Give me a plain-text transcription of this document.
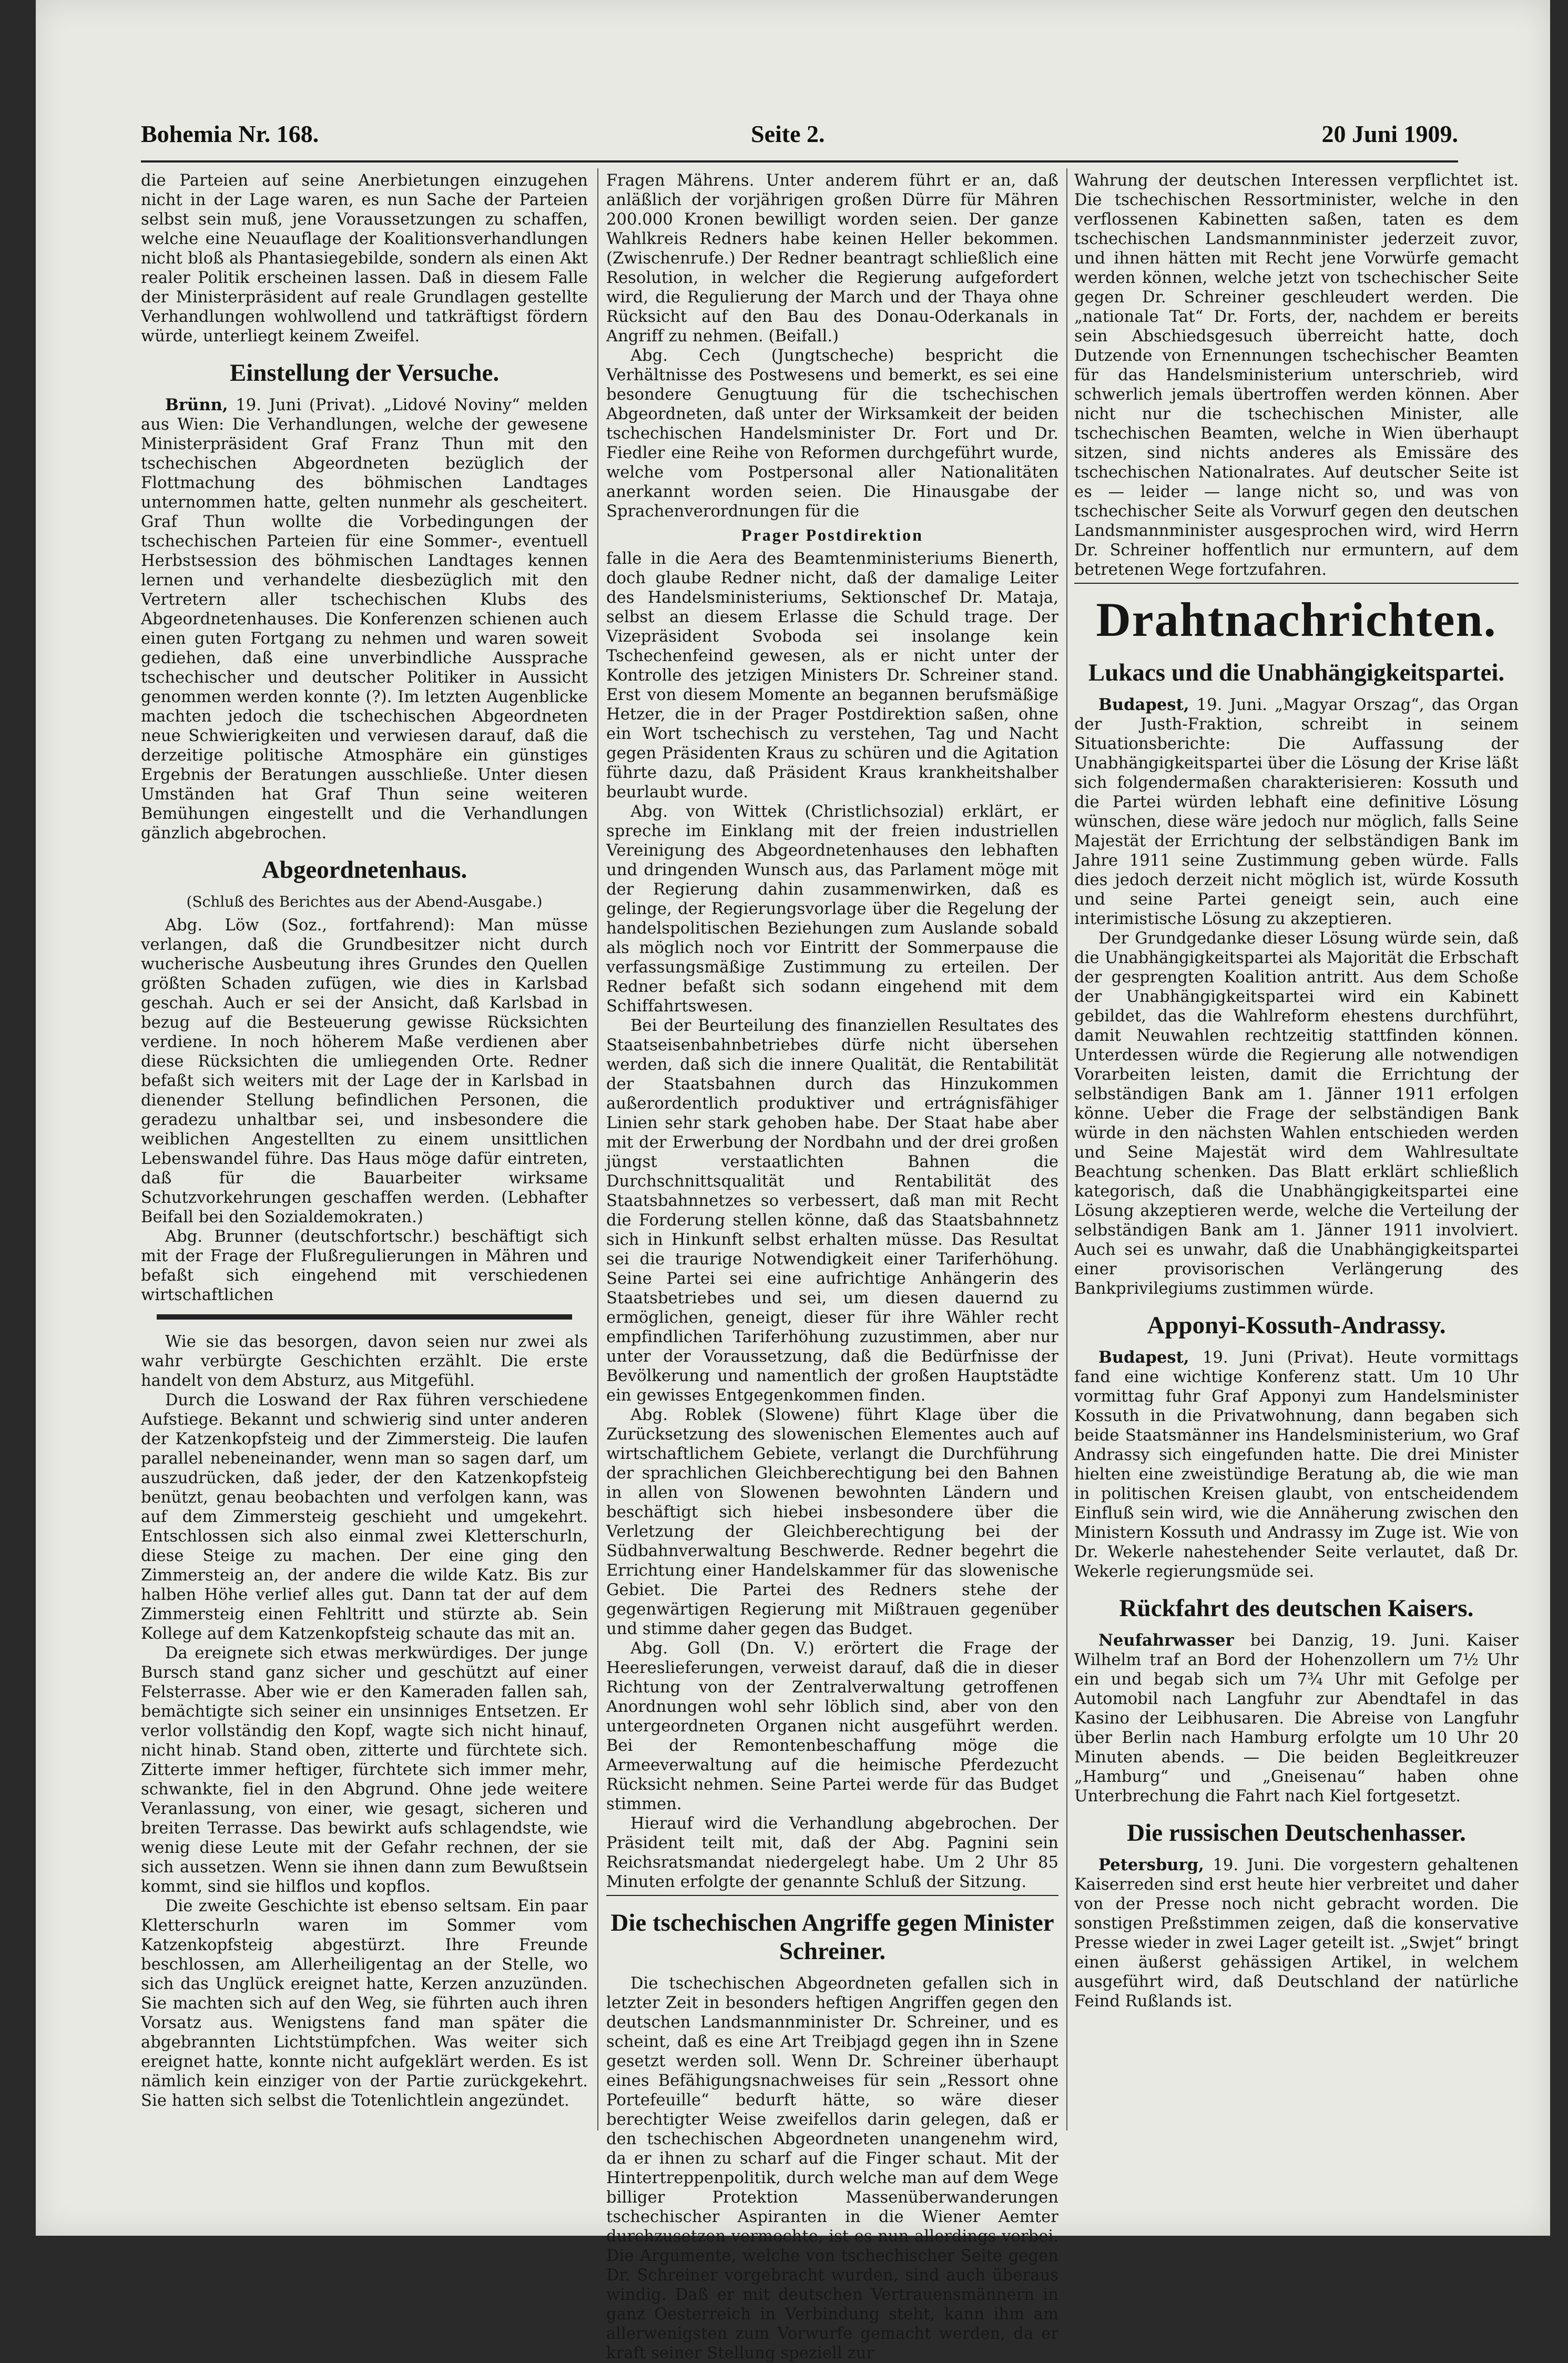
Bohemia Nr. 168.	Seite 2.	20 Juni 1909.

die Parteien auf seine Anerbietungen einzugehen nicht in der Lage waren, es nun Sache der Parteien selbst sein muß, jene Voraussetzungen zu schaffen, welche eine Neuauflage der Koalitionsverhandlungen nicht bloß als Phantasiegebilde, sondern als einen Akt realer Politik erscheinen lassen. Daß in diesem Falle der Ministerpräsident auf reale Grundlagen gestellte Verhandlungen wohlwollend und tatkräftigst fördern würde, unterliegt keinem Zweifel.

Einstellung der Versuche.

Brünn, 19. Juni (Privat). „Lidové Noviny“ melden aus Wien: Die Verhandlungen, welche der gewesene Ministerpräsident Graf Franz Thun mit den tschechischen Abgeordneten bezüglich der Flottmachung des böhmischen Landtages unternommen hatte, gelten nunmehr als gescheitert. Graf Thun wollte die Vorbedingungen der tschechischen Parteien für eine Sommer-, eventuell Herbstsession des böhmischen Landtages kennen lernen und verhandelte diesbezüglich mit den Vertretern aller tschechischen Klubs des Abgeordnetenhauses. Die Konferenzen schienen auch einen guten Fortgang zu nehmen und waren soweit gediehen, daß eine unverbindliche Aussprache tschechischer und deutscher Politiker in Aussicht genommen werden konnte (?). Im letzten Augenblicke machten jedoch die tschechischen Abgeordneten neue Schwierigkeiten und verwiesen darauf, daß die derzeitige politische Atmosphäre ein günstiges Ergebnis der Beratungen ausschließe. Unter diesen Umständen hat Graf Thun seine weiteren Bemühungen eingestellt und die Verhandlungen gänzlich abgebrochen.

Abgeordnetenhaus.
(Schluß des Berichtes aus der Abend-Ausgabe.)

Abg. Löw (Soz., fortfahrend): Man müsse verlangen, daß die Grundbesitzer nicht durch wucherische Ausbeutung ihres Grundes den Quellen größten Schaden zufügen, wie dies in Karlsbad geschah. Auch er sei der Ansicht, daß Karlsbad in bezug auf die Besteuerung gewisse Rücksichten verdiene. In noch höherem Maße verdienen aber diese Rücksichten die umliegenden Orte. Redner befaßt sich weiters mit der Lage der in Karlsbad in dienender Stellung befindlichen Personen, die geradezu unhaltbar sei, und insbesondere die weiblichen Angestellten zu einem unsittlichen Lebenswandel führe. Das Haus möge dafür eintreten, daß für die Bauarbeiter wirksame Schutzvorkehrungen geschaffen werden. (Lebhafter Beifall bei den Sozialdemokraten.)

Abg. Brunner (deutschfortschr.) beschäftigt sich mit der Frage der Flußregulierungen in Mähren und befaßt sich eingehend mit verschiedenen wirtschaftlichen

Wie sie das besorgen, davon seien nur zwei als wahr verbürgte Geschichten erzählt. Die erste handelt von dem Absturz, aus Mitgefühl.

Durch die Loswand der Rax führen verschiedene Aufstiege. Bekannt und schwierig sind unter anderen der Katzenkopfsteig und der Zimmersteig. Die laufen parallel nebeneinander, wenn man so sagen darf, um auszudrücken, daß jeder, der den Katzenkopfsteig benützt, genau beobachten und verfolgen kann, was auf dem Zimmersteig geschieht und umgekehrt. Entschlossen sich also einmal zwei Kletterschurln, diese Steige zu machen. Der eine ging den Zimmersteig an, der andere die wilde Katz. Bis zur halben Höhe verlief alles gut. Dann tat der auf dem Zimmersteig einen Fehltritt und stürzte ab. Sein Kollege auf dem Katzenkopfsteig schaute das mit an.

Da ereignete sich etwas merkwürdiges. Der junge Bursch stand ganz sicher und geschützt auf einer Felsterrasse. Aber wie er den Kameraden fallen sah, bemächtigte sich seiner ein unsinniges Entsetzen. Er verlor vollständig den Kopf, wagte sich nicht hinauf, nicht hinab. Stand oben, zitterte und fürchtete sich. Zitterte immer heftiger, fürchtete sich immer mehr, schwankte, fiel in den Abgrund. Ohne jede weitere Veranlassung, von einer, wie gesagt, sicheren und breiten Terrasse. Das bewirkt aufs schlagendste, wie wenig diese Leute mit der Gefahr rechnen, der sie sich aussetzen. Wenn sie ihnen dann zum Bewußtsein kommt, sind sie hilflos und kopflos.

Die zweite Geschichte ist ebenso seltsam. Ein paar Kletterschurln waren im Sommer vom Katzenkopfsteig abgestürzt. Ihre Freunde beschlossen, am Allerheiligentag an der Stelle, wo sich das Unglück ereignet hatte, Kerzen anzuzünden. Sie machten sich auf den Weg, sie führten auch ihren Vorsatz aus. Wenigstens fand man später die abgebrannten Lichtstümpfchen. Was weiter sich ereignet hatte, konnte nicht aufgeklärt werden. Es ist nämlich kein einziger von der Partie zurückgekehrt. Sie hatten sich selbst die Totenlichtlein angezündet.

Fragen Mährens. Unter anderem führt er an, daß anläßlich der vorjährigen großen Dürre für Mähren 200.000 Kronen bewilligt worden seien. Der ganze Wahlkreis Redners habe keinen Heller bekommen. (Zwischenrufe.) Der Redner beantragt schließlich eine Resolution, in welcher die Regierung aufgefordert wird, die Regulierung der March und der Thaya ohne Rücksicht auf den Bau des Donau-Oderkanals in Angriff zu nehmen. (Beifall.)

Abg. Cech (Jungtscheche) bespricht die Verhältnisse des Postwesens und bemerkt, es sei eine besondere Genugtuung für die tschechischen Abgeordneten, daß unter der Wirksamkeit der beiden tschechischen Handelsminister Dr. Fort und Dr. Fiedler eine Reihe von Reformen durchgeführt wurde, welche vom Postpersonal aller Nationalitäten anerkannt worden seien. Die Hinausgabe der Sprachenverordnungen für die

Prager Postdirektion

falle in die Aera des Beamtenministeriums Bienerth, doch glaube Redner nicht, daß der damalige Leiter des Handelsministeriums, Sektionschef Dr. Mataja, selbst an diesem Erlasse die Schuld trage. Der Vizepräsident Svoboda sei insolange kein Tschechenfeind gewesen, als er nicht unter der Kontrolle des jetzigen Ministers Dr. Schreiner stand. Erst von diesem Momente an begannen berufsmäßige Hetzer, die in der Prager Postdirektion saßen, ohne ein Wort tschechisch zu verstehen, Tag und Nacht gegen Präsidenten Kraus zu schüren und die Agitation führte dazu, daß Präsident Kraus krankheitshalber beurlaubt wurde.

Abg. von Wittek (Christlichsozial) erklärt, er spreche im Einklang mit der freien industriellen Vereinigung des Abgeordnetenhauses den lebhaften und dringenden Wunsch aus, das Parlament möge mit der Regierung dahin zusammenwirken, daß es gelinge, der Regierungsvorlage über die Regelung der handelspolitischen Beziehungen zum Auslande sobald als möglich noch vor Eintritt der Sommerpause die verfassungsmäßige Zustimmung zu erteilen. Der Redner befaßt sich sodann eingehend mit dem Schiffahrtswesen.

Bei der Beurteilung des finanziellen Resultates des Staatseisenbahnbetriebes dürfe nicht übersehen werden, daß sich die innere Qualität, die Rentabilität der Staatsbahnen durch das Hinzukommen außerordentlich produktiver und ertrágnisfähiger Linien sehr stark gehoben habe. Der Staat habe aber mit der Erwerbung der Nordbahn und der drei großen jüngst verstaatlichten Bahnen die Durchschnittsqualität und Rentabilität des Staatsbahnnetzes so verbessert, daß man mit Recht die Forderung stellen könne, daß das Staatsbahnnetz sich in Hinkunft selbst erhalten müsse. Das Resultat sei die traurige Notwendigkeit einer Tariferhöhung. Seine Partei sei eine aufrichtige Anhängerin des Staatsbetriebes und sei, um diesen dauernd zu ermöglichen, geneigt, dieser für ihre Wähler recht empfindlichen Tariferhöhung zuzustimmen, aber nur unter der Voraussetzung, daß die Bedürfnisse der Bevölkerung und namentlich der großen Hauptstädte ein gewisses Entgegenkommen finden.

Abg. Roblek (Slowene) führt Klage über die Zurücksetzung des slowenischen Elementes auch auf wirtschaftlichem Gebiete, verlangt die Durchführung der sprachlichen Gleichberechtigung bei den Bahnen in allen von Slowenen bewohnten Ländern und beschäftigt sich hiebei insbesondere über die Verletzung der Gleichberechtigung bei der Südbahnverwaltung Beschwerde. Redner begehrt die Errichtung einer Handelskammer für das slowenische Gebiet. Die Partei des Redners stehe der gegenwärtigen Regierung mit Mißtrauen gegenüber und stimme daher gegen das Budget.

Abg. Goll (Dn. V.) erörtert die Frage der Heereslieferungen, verweist darauf, daß die in dieser Richtung von der Zentralverwaltung getroffenen Anordnungen wohl sehr löblich sind, aber von den untergeordneten Organen nicht ausgeführt werden. Bei der Remontenbeschaffung möge die Armeeverwaltung auf die heimische Pferdezucht Rücksicht nehmen. Seine Partei werde für das Budget stimmen.

Hierauf wird die Verhandlung abgebrochen. Der Präsident teilt mit, daß der Abg. Pagnini sein Reichsratsmandat niedergelegt habe. Um 2 Uhr 85 Minuten erfolgte der genannte Schluß der Sitzung.

Die tschechischen Angriffe gegen Minister Schreiner.

Die tschechischen Abgeordneten gefallen sich in letzter Zeit in besonders heftigen Angriffen gegen den deutschen Landsmannminister Dr. Schreiner, und es scheint, daß es eine Art Treibjagd gegen ihn in Szene gesetzt werden soll. Wenn Dr. Schreiner überhaupt eines Befähigungsnachweises für sein „Ressort ohne Portefeuille“ bedurft hätte, so wäre dieser berechtigter Weise zweifellos darin gelegen, daß er den tschechischen Abgeordneten unangenehm wird, da er ihnen zu scharf auf die Finger schaut. Mit der Hintertreppenpolitik, durch welche man auf dem Wege billiger Protektion Massenüberwanderungen tschechischer Aspiranten in die Wiener Aemter durchzusetzen vermochte, ist es nun allerdings vorbei. Die Argumente, welche von tschechischer Seite gegen Dr. Schreiner vorgebracht wurden, sind auch überaus windig. Daß er mit deutschen Vertrauensmännern in ganz Oesterreich in Verbindung steht, kann ihm am allerwenigsten zum Vorwurfe gemacht werden, da er kraft seiner Stellung speziell zur

Wahrung der deutschen Interessen verpflichtet ist. Die tschechischen Ressortminister, welche in den verflossenen Kabinetten saßen, taten es dem tschechischen Landsmannminister jederzeit zuvor, und ihnen hätten mit Recht jene Vorwürfe gemacht werden können, welche jetzt von tschechischer Seite gegen Dr. Schreiner geschleudert werden. Die „nationale Tat“ Dr. Forts, der, nachdem er bereits sein Abschiedsgesuch überreicht hatte, doch Dutzende von Ernennungen tschechischer Beamten für das Handelsministerium unterschrieb, wird schwerlich jemals übertroffen werden können. Aber nicht nur die tschechischen Minister, alle tschechischen Beamten, welche in Wien überhaupt sitzen, sind nichts anderes als Emissäre des tschechischen Nationalrates. Auf deutscher Seite ist es — leider — lange nicht so, und was von tschechischer Seite als Vorwurf gegen den deutschen Landsmannminister ausgesprochen wird, wird Herrn Dr. Schreiner hoffentlich nur ermuntern, auf dem betretenen Wege fortzufahren.

Drahtnachrichten.
Lukacs und die Unabhängigkeitspartei.

Budapest, 19. Juni. „Magyar Orszag“, das Organ der Justh-Fraktion, schreibt in seinem Situationsberichte: Die Auffassung der Unabhängigkeitspartei über die Lösung der Krise läßt sich folgendermaßen charakterisieren: Kossuth und die Partei würden lebhaft eine definitive Lösung wünschen, diese wäre jedoch nur möglich, falls Seine Majestät der Errichtung der selbständigen Bank im Jahre 1911 seine Zustimmung geben würde. Falls dies jedoch derzeit nicht möglich ist, würde Kossuth und seine Partei geneigt sein, auch eine interimistische Lösung zu akzeptieren.

Der Grundgedanke dieser Lösung würde sein, daß die Unabhängigkeitspartei als Majorität die Erbschaft der gesprengten Koalition antritt. Aus dem Schoße der Unabhängigkeitspartei wird ein Kabinett gebildet, das die Wahlreform ehestens durchführt, damit Neuwahlen rechtzeitig stattfinden können. Unterdessen würde die Regierung alle notwendigen Vorarbeiten leisten, damit die Errichtung der selbständigen Bank am 1. Jänner 1911 erfolgen könne. Ueber die Frage der selbständigen Bank würde in den nächsten Wahlen entschieden werden und Seine Majestät wird dem Wahlresultate Beachtung schenken. Das Blatt erklärt schließlich kategorisch, daß die Unabhängigkeitspartei eine Lösung akzeptieren werde, welche die Verteilung der selbständigen Bank am 1. Jänner 1911 involviert. Auch sei es unwahr, daß die Unabhängigkeitspartei einer provisorischen Verlängerung des Bankprivilegiums zustimmen würde.

Apponyi-Kossuth-Andrassy.

Budapest, 19. Juni (Privat). Heute vormittags fand eine wichtige Konferenz statt. Um 10 Uhr vormittag fuhr Graf Apponyi zum Handelsminister Kossuth in die Privatwohnung, dann begaben sich beide Staatsmänner ins Handelsministerium, wo Graf Andrassy sich eingefunden hatte. Die drei Minister hielten eine zweistündige Beratung ab, die wie man in politischen Kreisen glaubt, von entscheidendem Einfluß sein wird, wie die Annäherung zwischen den Ministern Kossuth und Andrassy im Zuge ist. Wie von Dr. Wekerle nahestehender Seite verlautet, daß Dr. Wekerle regierungsmüde sei.

Rückfahrt des deutschen Kaisers.

Neufahrwasser bei Danzig, 19. Juni. Kaiser Wilhelm traf an Bord der Hohenzollern um 7½ Uhr ein und begab sich um 7¾ Uhr mit Gefolge per Automobil nach Langfuhr zur Abendtafel in das Kasino der Leibhusaren. Die Abreise von Langfuhr über Berlin nach Hamburg erfolgte um 10 Uhr 20 Minuten abends. — Die beiden Begleitkreuzer „Hamburg“ und „Gneisenau“ haben ohne Unterbrechung die Fahrt nach Kiel fortgesetzt.

Die russischen Deutschenhasser.

Petersburg, 19. Juni. Die vorgestern gehaltenen Kaiserreden sind erst heute hier verbreitet und daher von der Presse noch nicht gebracht worden. Die sonstigen Preßstimmen zeigen, daß die konservative Presse wieder in zwei Lager geteilt ist. „Swjet“ bringt einen äußerst gehässigen Artikel, in welchem ausgeführt wird, daß Deutschland der natürliche Feind Rußlands ist.
